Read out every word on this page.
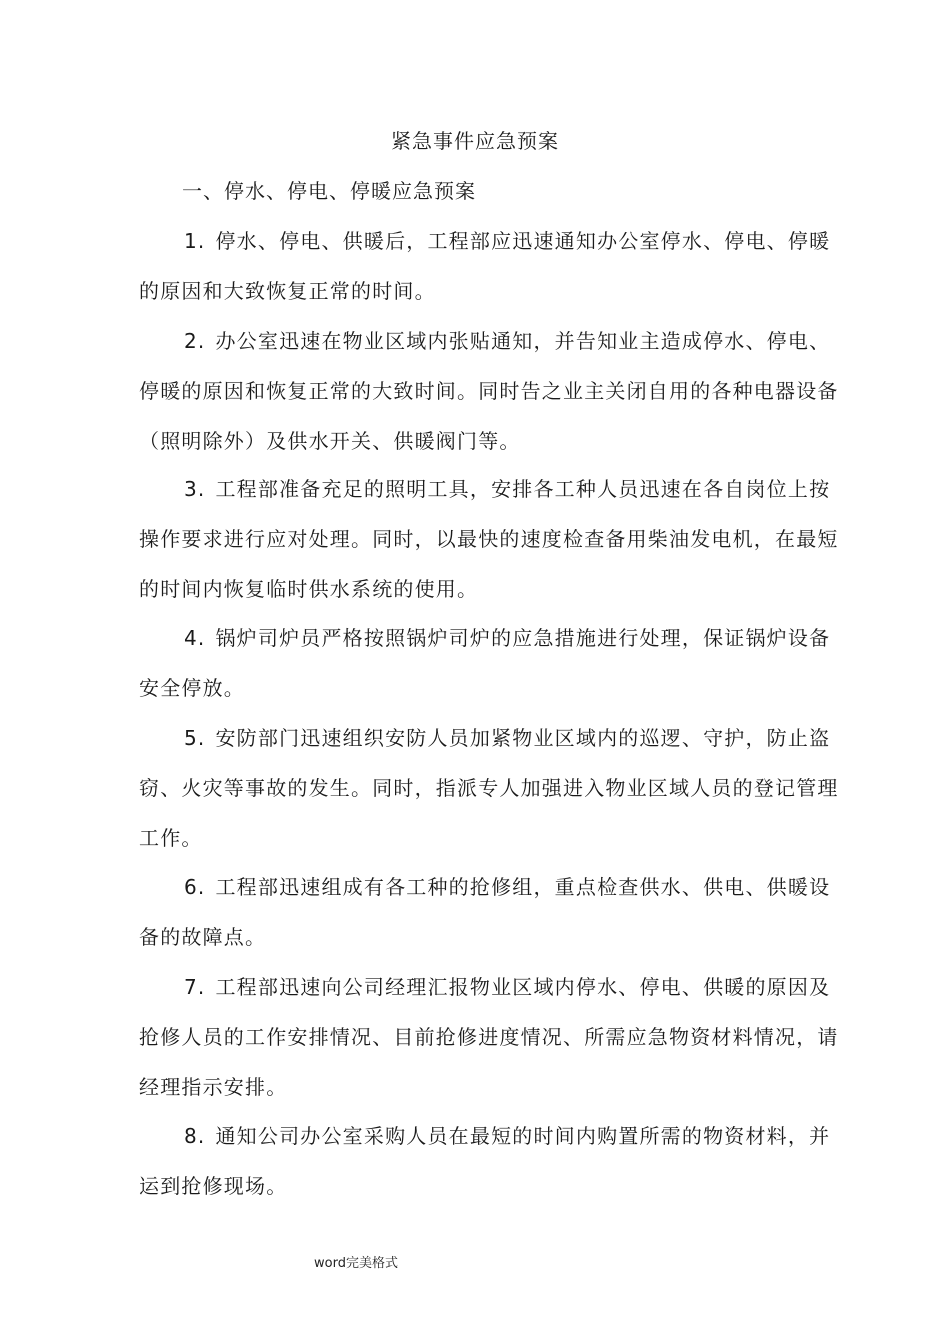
紧急事件应急预案
一、停水、停电、停暖应急预案
1. 停水、停电、供暖后，工程部应迅速通知办公室停水、停电、停暖的原因和大致恢复正常的时间。
2. 办公室迅速在物业区域内张贴通知，并告知业主造成停水、停电、停暖的原因和恢复正常的大致时间。同时告之业主关闭自用的各种电器设备（照明除外）及供水开关、供暖阀门等。
3. 工程部准备充足的照明工具，安排各工种人员迅速在各自岗位上按操作要求进行应对处理。同时，以最快的速度检查备用柴油发电机，在最短的时间内恢复临时供水系统的使用。
4. 锅炉司炉员严格按照锅炉司炉的应急措施进行处理，保证锅炉设备安全停放。
5. 安防部门迅速组织安防人员加紧物业区域内的巡逻、守护，防止盗窃、火灾等事故的发生。同时，指派专人加强进入物业区域人员的登记管理工作。
6. 工程部迅速组成有各工种的抢修组，重点检查供水、供电、供暖设备的故障点。
7. 工程部迅速向公司经理汇报物业区域内停水、停电、供暖的原因及抢修人员的工作安排情况、目前抢修进度情况、所需应急物资材料情况，请经理指示安排。
8. 通知公司办公室采购人员在最短的时间内购置所需的物资材料，并运到抢修现场。
word完美格式
